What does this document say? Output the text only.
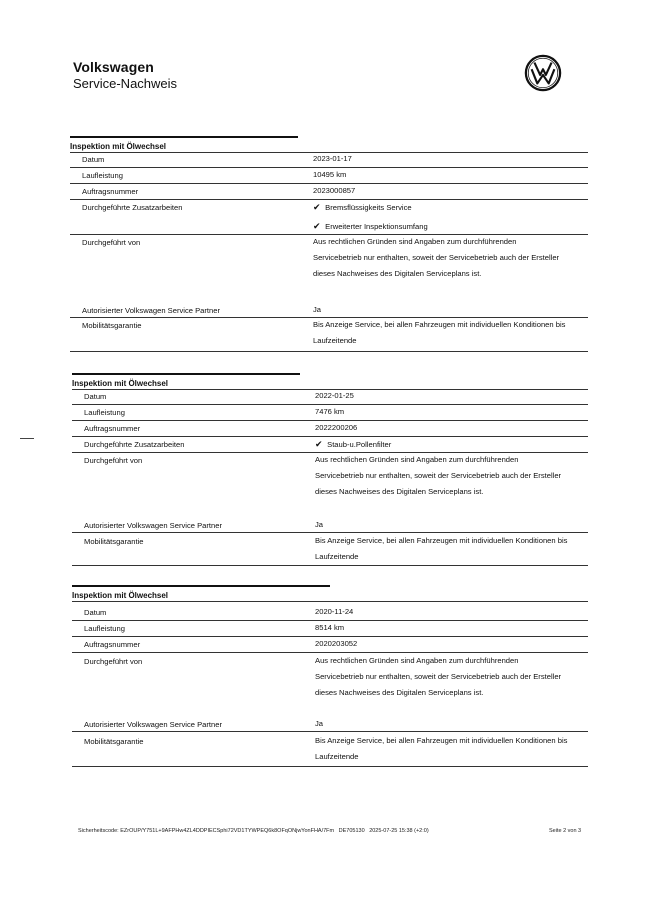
Volkswagen
Service-Nachweis
Inspektion mit Ölwechsel
Datum	2023-01-17
Laufleistung	10495 km
Auftragsnummer	2023000857
Durchgeführte Zusatzarbeiten	✔ Bremsflüssigkeits Service
✔ Erweiterter Inspektionsumfang
Durchgeführt von	Aus rechtlichen Gründen sind Angaben zum durchführenden
Servicebetrieb nur enthalten, soweit der Servicebetrieb auch der Ersteller
dieses Nachweises des Digitalen Serviceplans ist.
Autorisierter Volkswagen Service Partner	Ja
Mobilitätsgarantie	Bis Anzeige Service, bei allen Fahrzeugen mit individuellen Konditionen bis
Laufzeitende
Inspektion mit Ölwechsel
Datum	2022-01-25
Laufleistung	7476 km
Auftragsnummer	2022200206
Durchgeführte Zusatzarbeiten	✔ Staub-u.Pollenfilter
Durchgeführt von	Aus rechtlichen Gründen sind Angaben zum durchführenden
Servicebetrieb nur enthalten, soweit der Servicebetrieb auch der Ersteller
dieses Nachweises des Digitalen Serviceplans ist.
Autorisierter Volkswagen Service Partner	Ja
Mobilitätsgarantie	Bis Anzeige Service, bei allen Fahrzeugen mit individuellen Konditionen bis
Laufzeitende
Inspektion mit Ölwechsel
Datum	2020-11-24
Laufleistung	8514 km
Auftragsnummer	2020203052
Durchgeführt von	Aus rechtlichen Gründen sind Angaben zum durchführenden
Servicebetrieb nur enthalten, soweit der Servicebetrieb auch der Ersteller
dieses Nachweises des Digitalen Serviceplans ist.
Autorisierter Volkswagen Service Partner	Ja
Mobilitätsgarantie	Bis Anzeige Service, bei allen Fahrzeugen mit individuellen Konditionen bis
Laufzeitende
Sicherheitscode: EZrOUP/Y751L+9AFPHw4ZL4DDPIECSphi72VD1TYWPEQ6k8OFqONjwYonFHA/7Fm DE705130 2025-07-25 15:38 (+2:0)	Seite 2 von 3
